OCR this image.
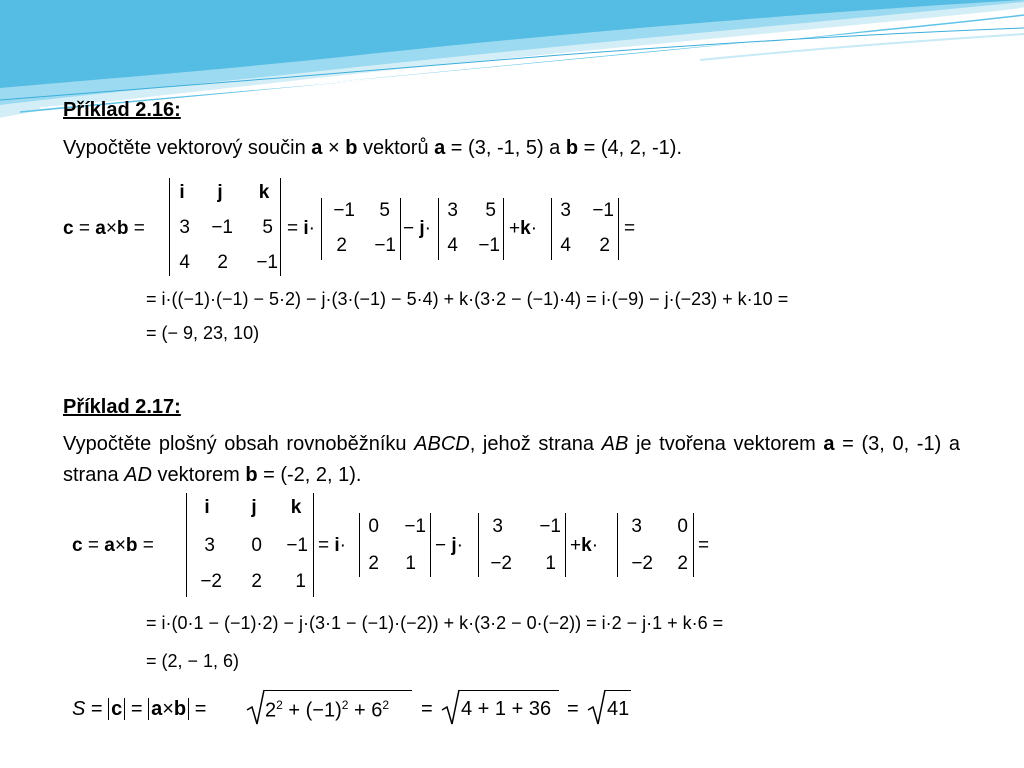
Příklad 2.16:
Vypočtěte vektorový součin a × b vektorů a = (3, -1, 5) a b = (4, 2, -1).
c = a×b =
i	j	k
3	−1	5
4	2	−1
= i·
−1	5
2	−1
− j·
3	5
4	−1
+k·
3	−1
4	2
=
= i·((−1)·(−1) − 5·2) − j·(3·(−1) − 5·4) + k·(3·2 − (−1)·4) = i·(−9) − j·(−23) + k·10 =
= (− 9, 23, 10)
Příklad 2.17:
Vypočtěte plošný obsah rovnoběžníku ABCD, jehož strana AB je tvořena vektorem a = (3, 0, -1) a strana AD vektorem b = (-2, 2, 1).
c = a×b =
i	j	k
3	0	−1
−2	2	1
= i·
0	−1
2	1
− j·
3	−1
−2	1
+k·
3	0
−2	2
=
= i·(0·1 − (−1)·2) − j·(3·1 − (−1)·(−2)) + k·(3·2 − 0·(−2)) = i·2 − j·1 + k·6 =
= (2, − 1, 6)
S = c = a×b =	$2^2 + (-1)^2 + 6^2 = 4 + 1 + 36 = 41$
